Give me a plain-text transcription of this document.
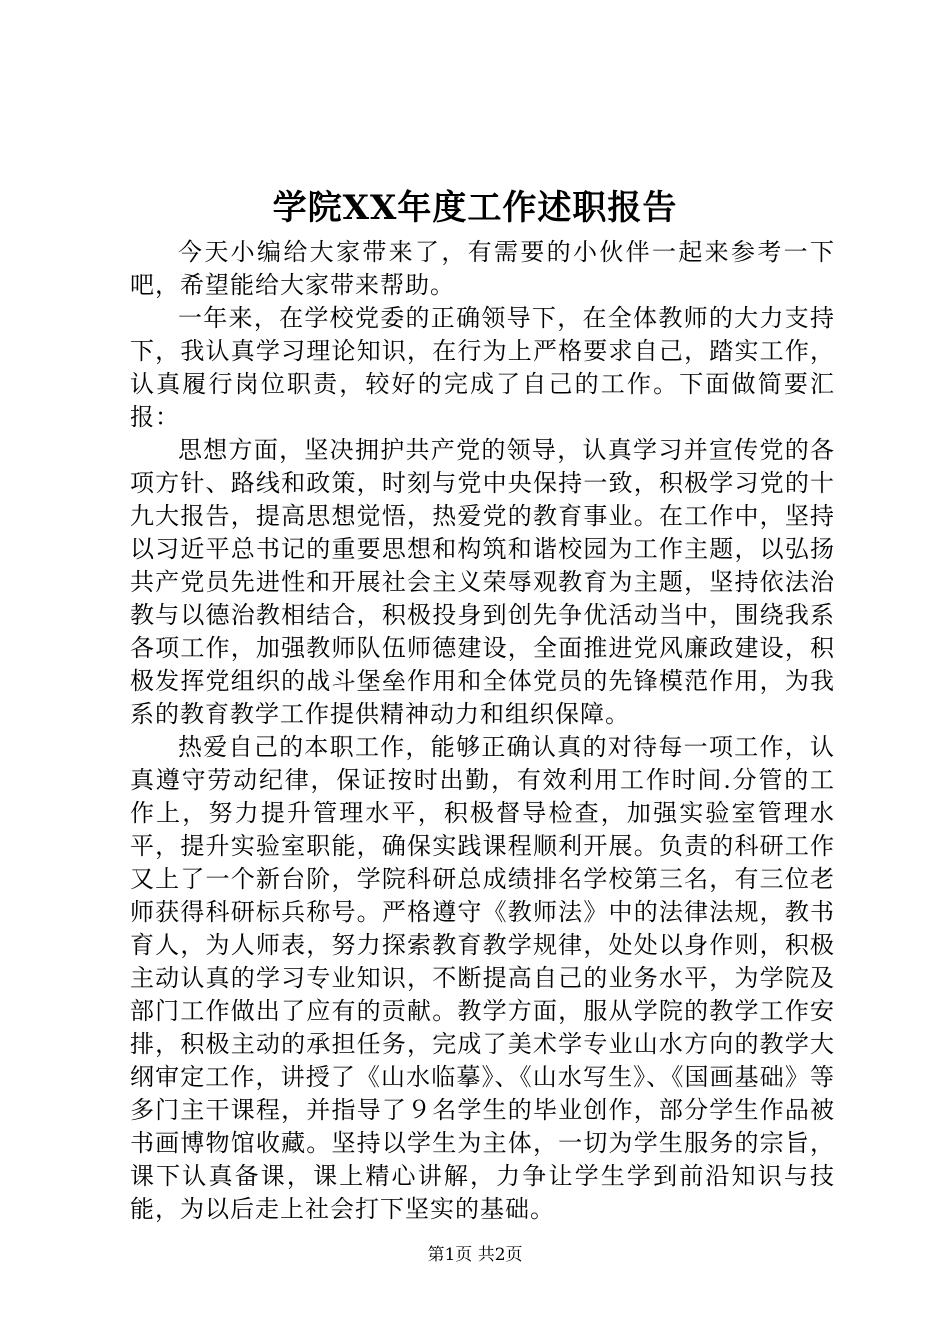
学院XX年度工作述职报告

今天小编给大家带来了，有需要的小伙伴一起来参考一下吧，希望能给大家带来帮助。

一年来，在学校党委的正确领导下，在全体教师的大力支持下，我认真学习理论知识，在行为上严格要求自己，踏实工作，认真履行岗位职责，较好的完成了自己的工作。下面做简要汇报：

思想方面，坚决拥护共产党的领导，认真学习并宣传党的各项方针、路线和政策，时刻与党中央保持一致，积极学习党的十九大报告，提高思想觉悟，热爱党的教育事业。在工作中，坚持以习近平总书记的重要思想和构筑和谐校园为工作主题，以弘扬共产党员先进性和开展社会主义荣辱观教育为主题，坚持依法治教与以德治教相结合，积极投身到创先争优活动当中，围绕我系各项工作，加强教师队伍师德建设，全面推进党风廉政建设，积极发挥党组织的战斗堡垒作用和全体党员的先锋模范作用，为我系的教育教学工作提供精神动力和组织保障。

热爱自己的本职工作，能够正确认真的对待每一项工作，认真遵守劳动纪律，保证按时出勤，有效利用工作时间.分管的工作上，努力提升管理水平，积极督导检查，加强实验室管理水平，提升实验室职能，确保实践课程顺利开展。负责的科研工作又上了一个新台阶，学院科研总成绩排名学校第三名，有三位老师获得科研标兵称号。严格遵守《教师法》中的法律法规，教书育人，为人师表，努力探索教育教学规律，处处以身作则，积极主动认真的学习专业知识，不断提高自己的业务水平，为学院及部门工作做出了应有的贡献。教学方面，服从学院的教学工作安排，积极主动的承担任务，完成了美术学专业山水方向的教学大纲审定工作，讲授了《山水临摹》、《山水写生》、《国画基础》等多门主干课程，并指导了９名学生的毕业创作，部分学生作品被书画博物馆收藏。坚持以学生为主体，一切为学生服务的宗旨，课下认真备课，课上精心讲解，力争让学生学到前沿知识与技能，为以后走上社会打下坚实的基础。

第1页 共2页
